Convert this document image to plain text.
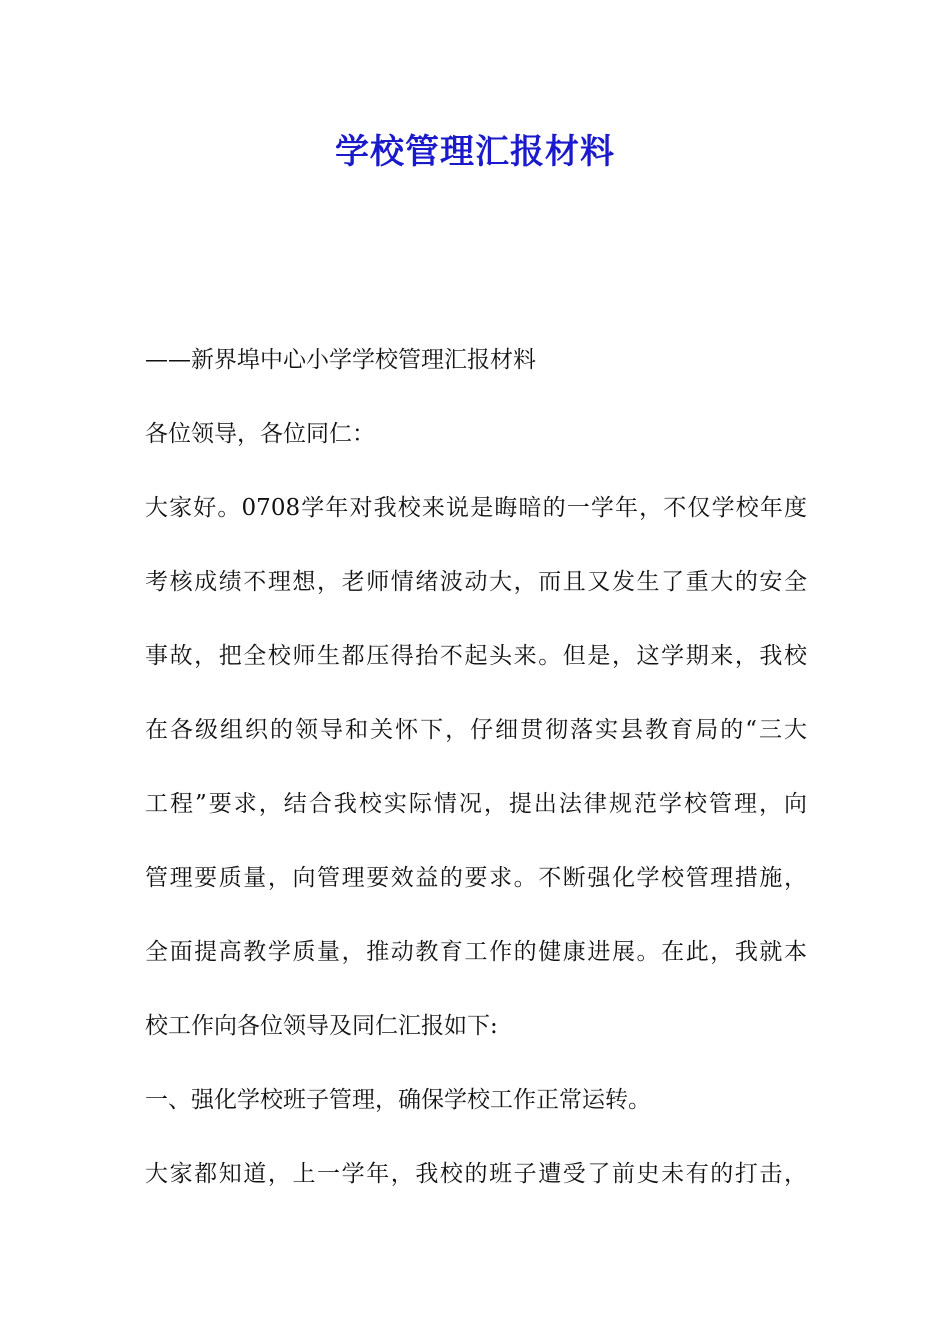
学校管理汇报材料
——新界埠中心小学学校管理汇报材料
各位领导，各位同仁：
大家好。0708学年对我校来说是晦暗的一学年，不仅学校年度
考核成绩不理想，老师情绪波动大，而且又发生了重大的安全
事故，把全校师生都压得抬不起头来。但是，这学期来，我校
在各级组织的领导和关怀下，仔细贯彻落实县教育局的“三大
工程”要求，结合我校实际情况，提出法律规范学校管理，向
管理要质量，向管理要效益的要求。不断强化学校管理措施，
全面提高教学质量，推动教育工作的健康进展。在此，我就本
校工作向各位领导及同仁汇报如下:
一、强化学校班子管理，确保学校工作正常运转。
大家都知道，上一学年，我校的班子遭受了前史未有的打击，
